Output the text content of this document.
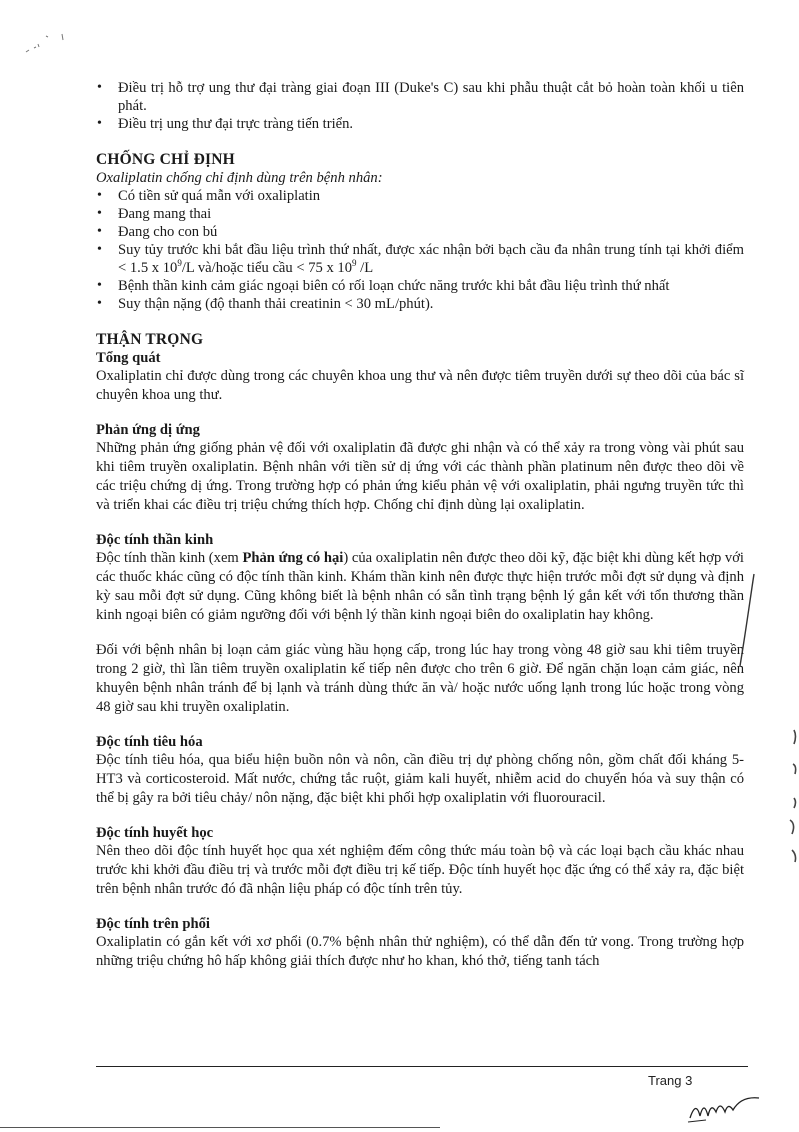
• Điều trị hỗ trợ ung thư đại tràng giai đoạn III (Duke's C) sau khi phẫu thuật cắt bỏ hoàn toàn khối u tiên phát.
• Điều trị ung thư đại trực tràng tiến triển.
CHỐNG CHỈ ĐỊNH

Oxaliplatin chống chỉ định dùng trên bệnh nhân:

• Có tiền sử quá mẫn với oxaliplatin
• Đang mang thai
• Đang cho con bú
• Suy tủy trước khi bắt đầu liệu trình thứ nhất, được xác nhận bởi bạch cầu đa nhân trung tính tại khởi điểm < 1.5 x $10^9/L$ và/hoặc tiểu cầu < 75 x $10^9$ /L
• Bệnh thần kinh cảm giác ngoại biên có rối loạn chức năng trước khi bắt đầu liệu trình thứ nhất
• Suy thận nặng (độ thanh thải creatinin < 30 mL/phút).
THẬN TRỌNG
Tổng quát

Oxaliplatin chỉ được dùng trong các chuyên khoa ung thư và nên được tiêm truyền dưới sự theo dõi của bác sĩ chuyên khoa ung thư.

Phản ứng dị ứng

Những phản ứng giống phản vệ đối với oxaliplatin đã được ghi nhận và có thể xảy ra trong vòng vài phút sau khi tiêm truyền oxaliplatin. Bệnh nhân với tiền sử dị ứng với các thành phần platinum nên được theo dõi về các triệu chứng dị ứng. Trong trường hợp có phản ứng kiểu phản vệ với oxaliplatin, phải ngưng truyền tức thì và triển khai các điều trị triệu chứng thích hợp. Chống chỉ định dùng lại oxaliplatin.

Độc tính thần kinh

Độc tính thần kinh (xem Phản ứng có hại) của oxaliplatin nên được theo dõi kỹ, đặc biệt khi dùng kết hợp với các thuốc khác cũng có độc tính thần kinh. Khám thần kinh nên được thực hiện trước mỗi đợt sử dụng và định kỳ sau mỗi đợt sử dụng. Cũng không biết là bệnh nhân có sẵn tình trạng bệnh lý gắn kết với tổn thương thần kinh ngoại biên có giảm ngưỡng đối với bệnh lý thần kinh ngoại biên do oxaliplatin hay không.

Đối với bệnh nhân bị loạn cảm giác vùng hầu họng cấp, trong lúc hay trong vòng 48 giờ sau khi tiêm truyền trong 2 giờ, thì lần tiêm truyền oxaliplatin kế tiếp nên được cho trên 6 giờ. Để ngăn chặn loạn cảm giác, nên khuyên bệnh nhân tránh để bị lạnh và tránh dùng thức ăn và/ hoặc nước uống lạnh trong lúc hoặc trong vòng 48 giờ sau khi truyền oxaliplatin.

Độc tính tiêu hóa

Độc tính tiêu hóa, qua biểu hiện buồn nôn và nôn, cần điều trị dự phòng chống nôn, gồm chất đối kháng 5-HT3 và corticosteroid. Mất nước, chứng tắc ruột, giảm kali huyết, nhiễm acid do chuyển hóa và suy thận có thể bị gây ra bởi tiêu chảy/ nôn nặng, đặc biệt khi phối hợp oxaliplatin với fluorouracil.

Độc tính huyết học

Nên theo dõi độc tính huyết học qua xét nghiệm đếm công thức máu toàn bộ và các loại bạch cầu khác nhau trước khi khởi đầu điều trị và trước mỗi đợt điều trị kế tiếp. Độc tính huyết học đặc ứng có thể xảy ra, đặc biệt trên bệnh nhân trước đó đã nhận liệu pháp có độc tính trên tủy.

Độc tính trên phổi

Oxaliplatin có gắn kết với xơ phổi (0.7% bệnh nhân thử nghiệm), có thể dẫn đến tử vong. Trong trường hợp những triệu chứng hô hấp không giải thích được như ho khan, khó thở, tiếng tanh tách

Trang 3
